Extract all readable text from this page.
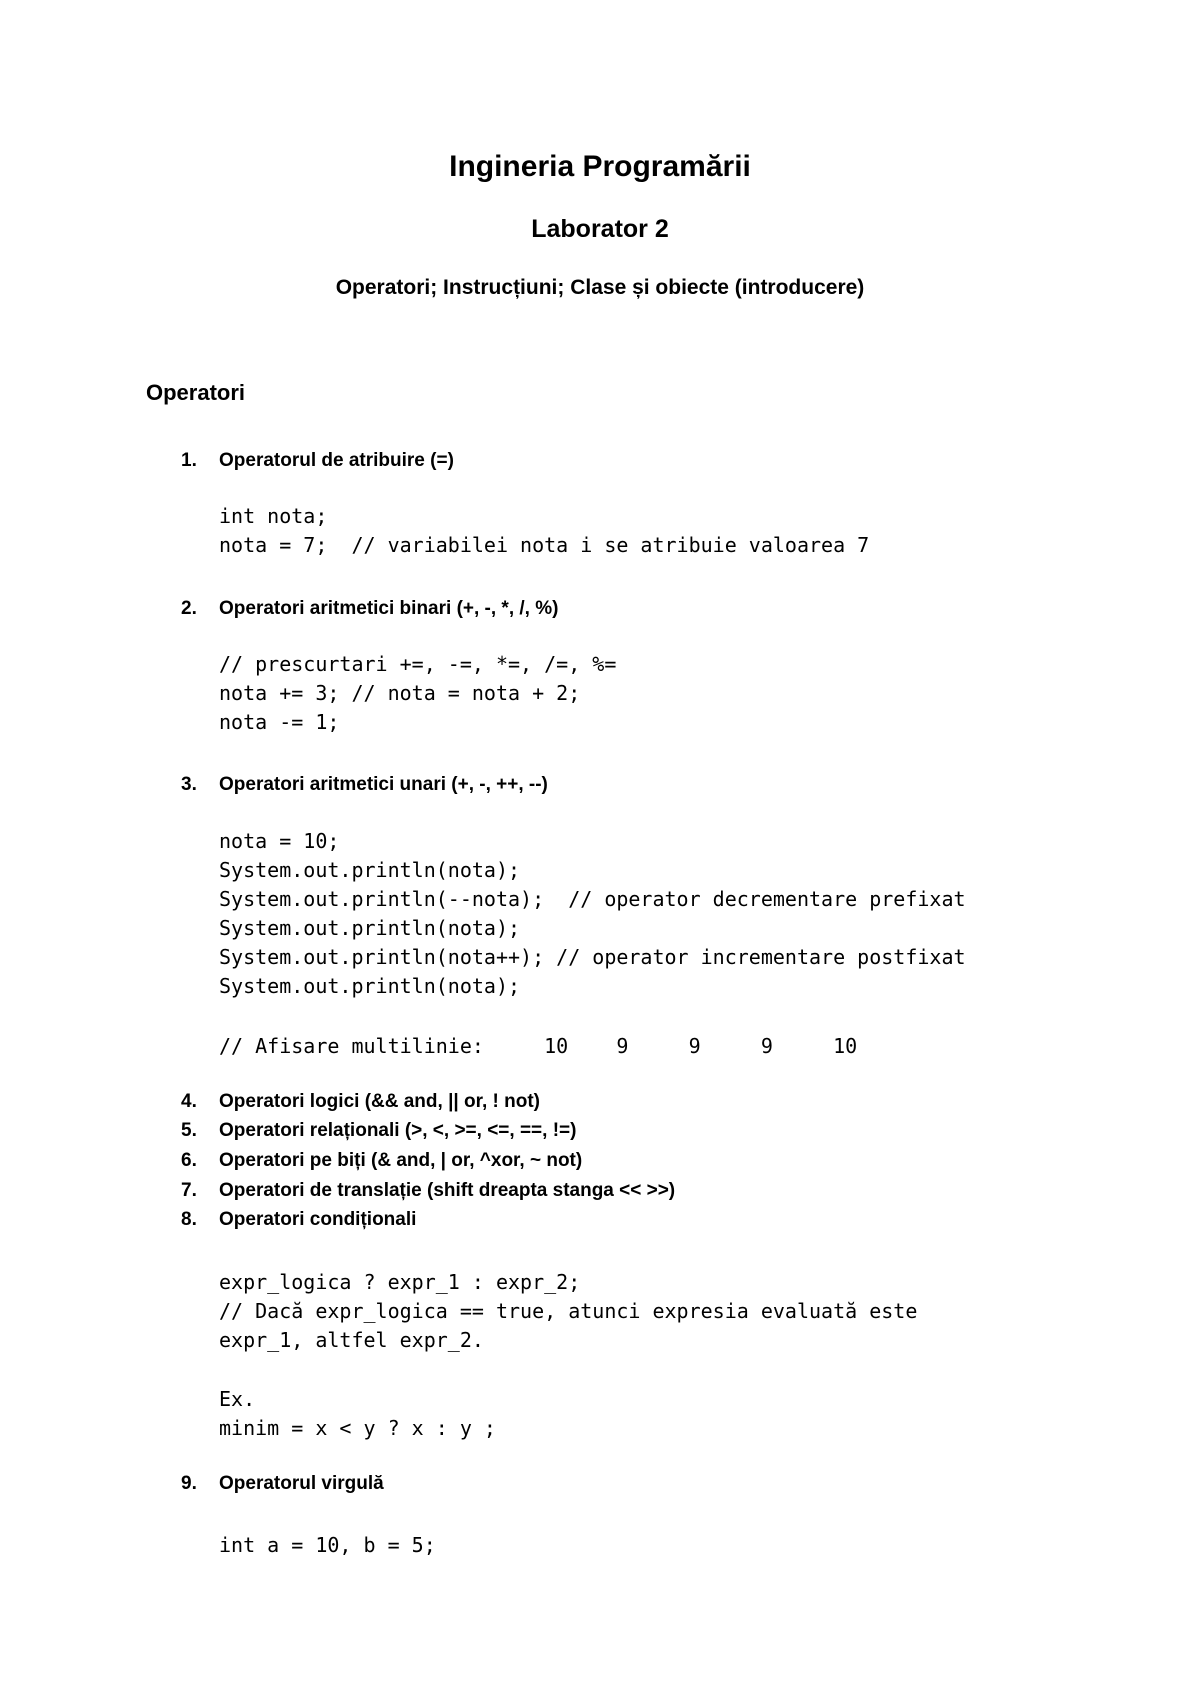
Ingineria Programării
Laborator 2
Operatori; Instrucțiuni; Clase și obiecte (introducere)
Operatori
1. Operatorul de atribuire (=)
int nota;
nota = 7;  // variabilei nota i se atribuie valoarea 7
2. Operatori aritmetici binari (+, -, *, /, %)
// prescurtari +=, -=, *=, /=, %=
nota += 3; // nota = nota + 2;
nota -= 1;
3. Operatori aritmetici unari (+, -, ++, --)
nota = 10;
System.out.println(nota);
System.out.println(--nota);  // operator decrementare prefixat
System.out.println(nota);
System.out.println(nota++); // operator incrementare postfixat
System.out.println(nota);
// Afisare multilinie:     10    9     9     9     10
4. Operatori logici (&& and, || or, ! not)
5. Operatori relaționali (>, <, >=, <=, ==, !=)
6. Operatori pe biți (& and, | or, ^xor, ~ not)
7. Operatori de translație (shift dreapta stanga << >>)
8. Operatori condiționali
expr_logica ? expr_1 : expr_2;
// Dacă expr_logica == true, atunci expresia evaluată este
expr_1, altfel expr_2.
Ex.
minim = x < y ? x : y ;
9. Operatorul virgulă
int a = 10, b = 5;
